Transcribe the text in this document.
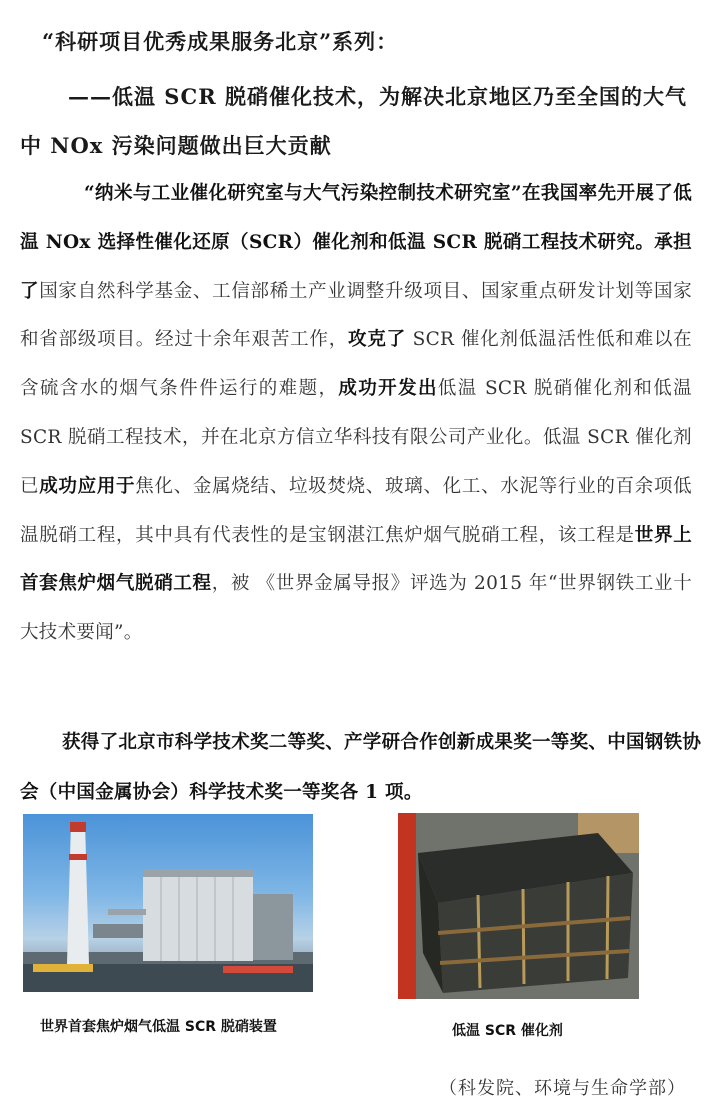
“科研项目优秀成果服务北京”系列：
——低温 SCR 脱硝催化技术，为解决北京地区乃至全国的大气中 NOx 污染问题做出巨大贡献
“纳米与工业催化研究室与大气污染控制技术研究室”在我国率先开展了低温 NOx 选择性催化还原（SCR）催化剂和低温 SCR 脱硝工程技术研究。承担了国家自然科学基金、工信部稀土产业调整升级项目、国家重点研发计划等国家和省部级项目。经过十余年艰苦工作，攻克了 SCR 催化剂低温活性低和难以在含硫含水的烟气条件件运行的难题，成功开发出低温 SCR 脱硝催化剂和低温 SCR 脱硝工程技术，并在北京方信立华科技有限公司产业化。低温 SCR 催化剂已成功应用于焦化、金属烧结、垃圾焚烧、玻璃、化工、水泥等行业的百余项低温脱硝工程，其中具有代表性的是宝钢湛江焦炉烟气脱硝工程，该工程是世界上首套焦炉烟气脱硝工程，被 《世界金属导报》评选为 2015 年“世界钢铁工业十大技术要闻”。
获得了北京市科学技术奖二等奖、产学研合作创新成果奖一等奖、中国钢铁协会（中国金属协会）科学技术奖一等奖各 1 项。
世界首套焦炉烟气低温 SCR 脱硝装置	低温 SCR 催化剂
（科发院、环境与生命学部）
